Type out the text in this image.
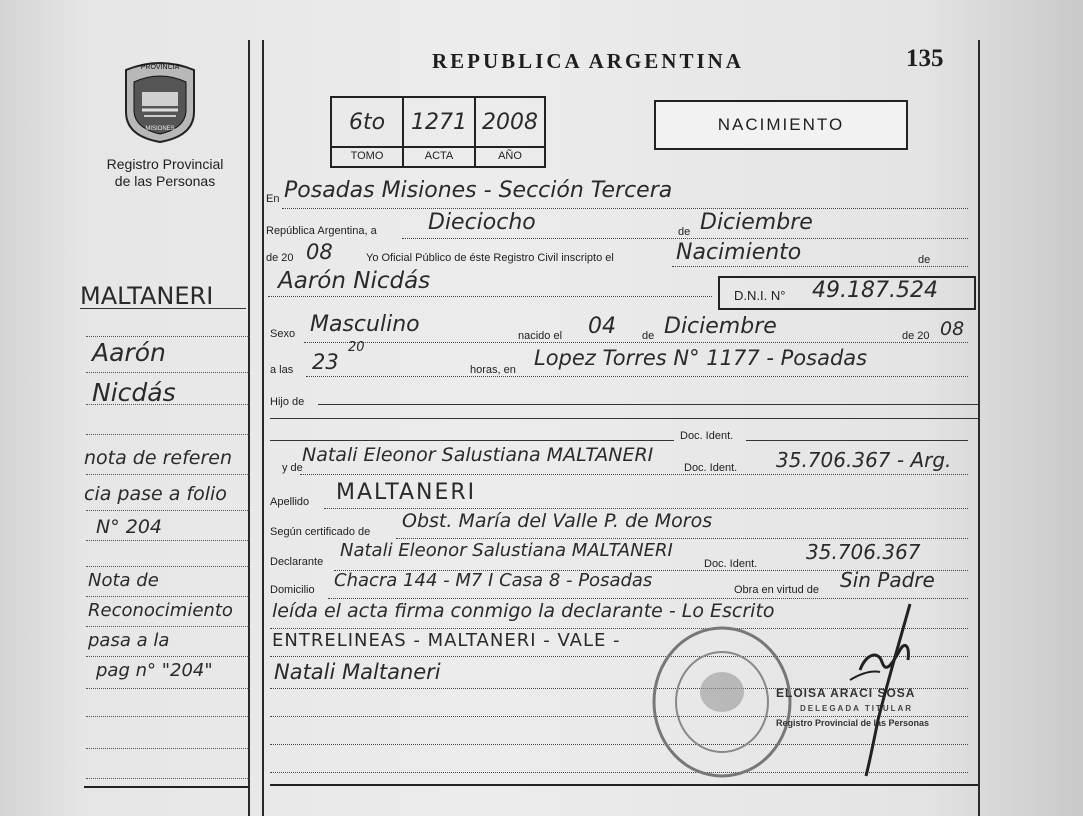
REPUBLICA ARGENTINA	135
PROVINCIA
MISIONES
Registro Provincial
de las Personas
6to	1271 2008
TOMO	ACTA	AÑO
NACIMIENTO
MALTANERI
Aarón
Nicdás
nota de referen
cia pase a folio
N° 204
Nota de
Reconocimiento
pasa a la
pag n° "204"
En Posadas Misiones - Sección Tercera
República Argentina, a Dieciocho	de Diciembre
de 20 08	Yo Oficial Público de éste Registro Civil inscripto el	Nacimiento	de
Aarón Nicdás
D.N.I. N° 49.187.524
Sexo Masculino	nacido el 04 de Diciembre	de 20 08
a las 23
20
horas, en Lopez Torres N° 1177 - Posadas
Hijo de
Doc. Ident.
y de
Natali Eleonor Salustiana MALTANERI
Doc. Ident. 35.706.367 - Arg.
Apellido MALTANERI
Según certificado de Obst. María del Valle P. de Moros
Declarante
Natali Eleonor Salustiana MALTANERI
Doc. Ident. 35.706.367
Domicilio Chacra 144 - M7 I Casa 8 - Posadas	Obra en virtud de Sin Padre
leída el acta firma conmigo la declarante - Lo Escrito
ENTRELINEAS - MALTANERI - VALE -
Natali Maltaneri
ELOISA ARACI SOSA
DELEGADA TITULAR
Registro Provincial de las Personas
